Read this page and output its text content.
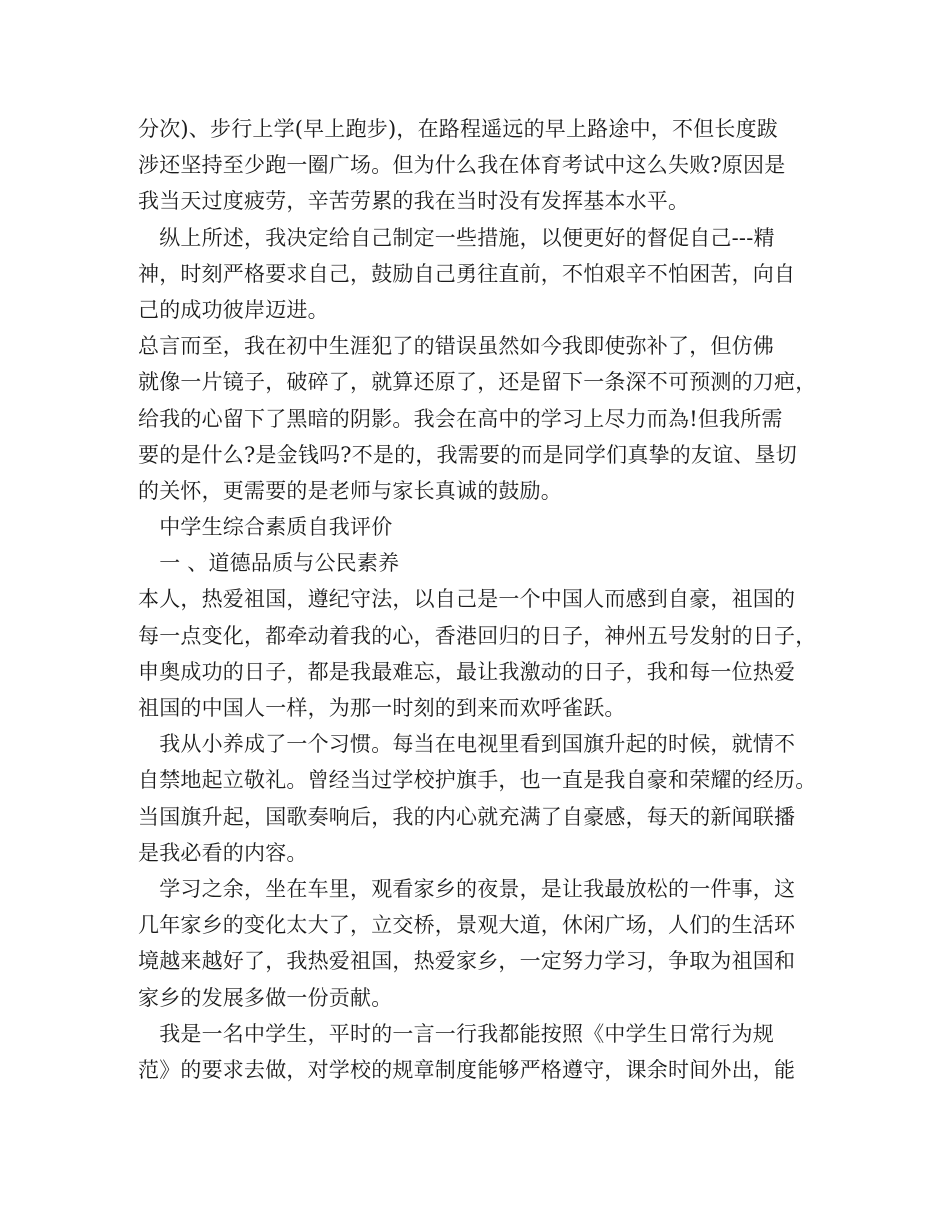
分次)、步行上学(早上跑步)，在路程遥远的早上路途中，不但长度跋
涉还坚持至少跑一圈广场。但为什么我在体育考试中这么失败?原因是
我当天过度疲劳，辛苦劳累的我在当时没有发挥基本水平。
　纵上所述，我决定给自己制定一些措施，以便更好的督促自己---精
神，时刻严格要求自己，鼓励自己勇往直前，不怕艰辛不怕困苦，向自
己的成功彼岸迈进。
总言而至，我在初中生涯犯了的错误虽然如今我即使弥补了，但仿佛
就像一片镜子，破碎了，就算还原了，还是留下一条深不可预测的刀疤，
给我的心留下了黑暗的阴影。我会在高中的学习上尽力而為!但我所需
要的是什么?是金钱吗?不是的，我需要的而是同学们真挚的友谊、垦切
的关怀，更需要的是老师与家长真诚的鼓励。
　中学生综合素质自我评价
　一 、道德品质与公民素养
本人，热爱祖国，遵纪守法，以自己是一个中国人而感到自豪，祖国的
每一点变化，都牵动着我的心，香港回归的日子，神州五号发射的日子，
申奥成功的日子，都是我最难忘，最让我激动的日子，我和每一位热爱
祖国的中国人一样，为那一时刻的到来而欢呼雀跃。
　我从小养成了一个习惯。每当在电视里看到国旗升起的时候，就情不
自禁地起立敬礼。曾经当过学校护旗手，也一直是我自豪和荣耀的经历。
当国旗升起，国歌奏响后，我的内心就充满了自豪感，每天的新闻联播
是我必看的内容。
　学习之余，坐在车里，观看家乡的夜景，是让我最放松的一件事，这
几年家乡的变化太大了，立交桥，景观大道，休闲广场，人们的生活环
境越来越好了，我热爱祖国，热爱家乡，一定努力学习，争取为祖国和
家乡的发展多做一份贡献。
　我是一名中学生，平时的一言一行我都能按照《中学生日常行为规
范》的要求去做，对学校的规章制度能够严格遵守，课余时间外出，能
